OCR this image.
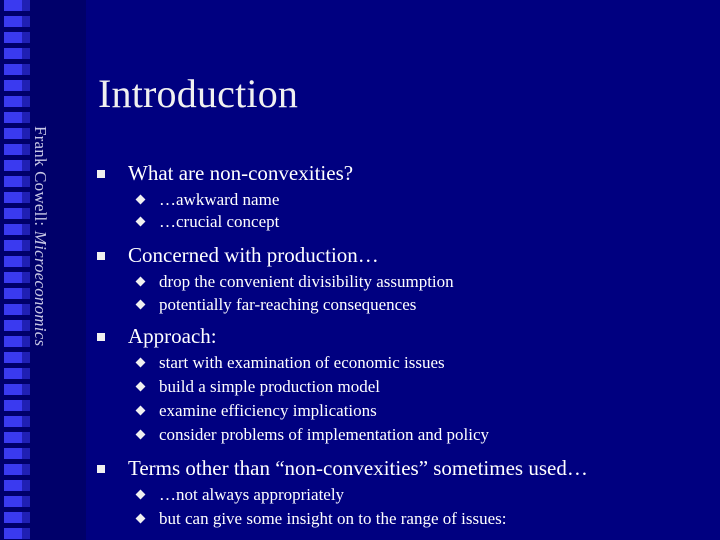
Frank Cowell: Microeconomics
Introduction
What are non-convexities?
…awkward name
…crucial concept
Concerned with production…
drop the convenient divisibility assumption
potentially far-reaching consequences
Approach:
start with examination of economic issues
build a simple production model
examine efficiency implications
consider problems of implementation and policy
Terms other than “non-convexities” sometimes used…
…not always appropriately
but can give some insight on to the range of issues:
